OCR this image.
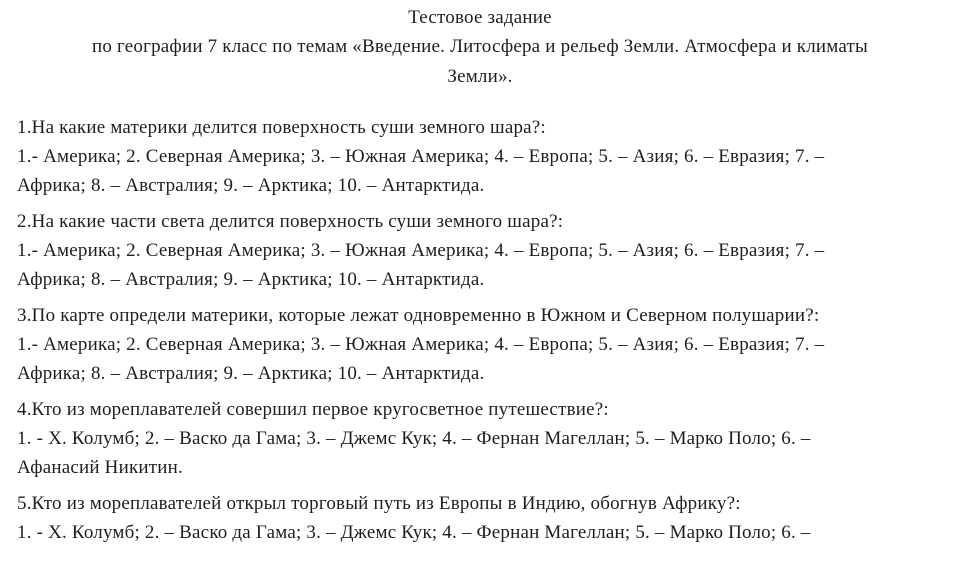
Тестовое задание
по географии 7 класс по темам «Введение. Литосфера и рельеф Земли. Атмосфера и климаты
Земли».
1.На какие материки делится поверхность суши земного шара?:
1.- Америка; 2. Северная Америка; 3. – Южная Америка; 4. – Европа; 5. – Азия; 6. – Евразия; 7. –
Африка; 8. – Австралия; 9. – Арктика; 10. – Антарктида.
2.На какие части света делится поверхность суши земного шара?:
1.- Америка; 2. Северная Америка; 3. – Южная Америка; 4. – Европа; 5. – Азия; 6. – Евразия; 7. –
Африка; 8. – Австралия; 9. – Арктика; 10. – Антарктида.
3.По карте определи материки, которые лежат одновременно в Южном и Северном полушарии?:
1.- Америка; 2. Северная Америка; 3. – Южная Америка; 4. – Европа; 5. – Азия; 6. – Евразия; 7. –
Африка; 8. – Австралия; 9. – Арктика; 10. – Антарктида.
4.Кто из мореплавателей совершил первое кругосветное путешествие?:
1. - Х. Колумб; 2. – Васко да Гама; 3. – Джемс Кук; 4. – Фернан Магеллан; 5. – Марко Поло; 6. –
Афанасий Никитин.
5.Кто из мореплавателей открыл торговый путь из Европы в Индию, обогнув Африку?:
1. - Х. Колумб; 2. – Васко да Гама; 3. – Джемс Кук; 4. – Фернан Магеллан; 5. – Марко Поло; 6. –
